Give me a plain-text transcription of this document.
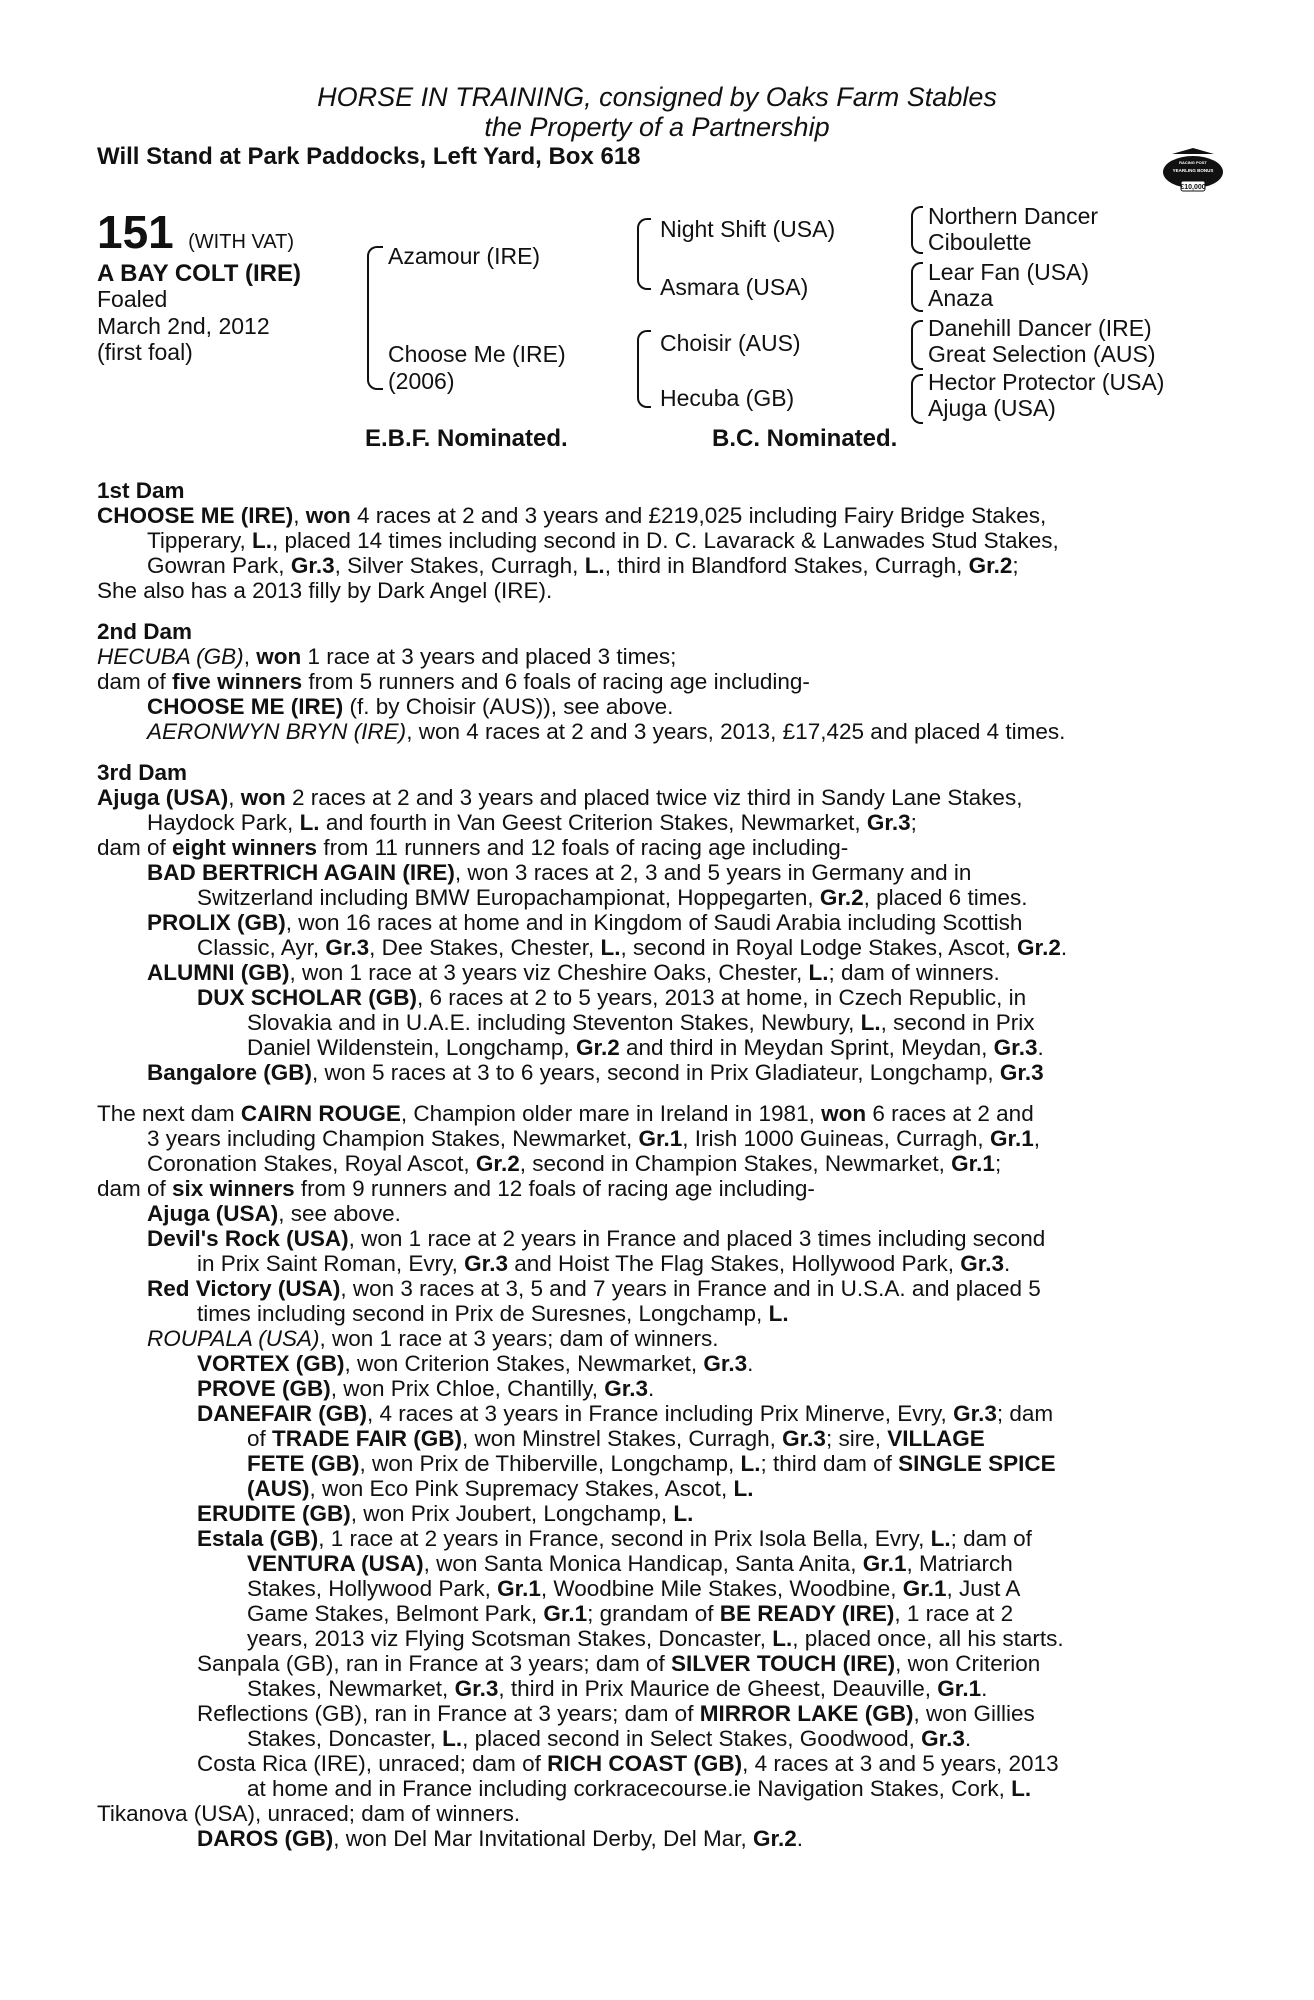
HORSE IN TRAINING, consigned by Oaks Farm Stables
the Property of a Partnership
Will Stand at Park Paddocks, Left Yard, Box 618	RACING POST
YEARLING BONUS
£10,000
151 (WITH VAT)
A BAY COLT (IRE)
Foaled
March 2nd, 2012
(first foal)
Azamour (IRE)
Choose Me (IRE)
(2006)
Night Shift (USA)
Asmara (USA)
Choisir (AUS)
Hecuba (GB)
Northern Dancer
Ciboulette
Lear Fan (USA)
Anaza
Danehill Dancer (IRE)
Great Selection (AUS)
Hector Protector (USA)
Ajuga (USA)
E.B.F. Nominated.	B.C. Nominated.
1st Dam
CHOOSE ME (IRE), won 4 races at 2 and 3 years and £219,025 including Fairy Bridge Stakes,
Tipperary, L., placed 14 times including second in D. C. Lavarack & Lanwades Stud Stakes,
Gowran Park, Gr.3, Silver Stakes, Curragh, L., third in Blandford Stakes, Curragh, Gr.2;
She also has a 2013 filly by Dark Angel (IRE).
2nd Dam
HECUBA (GB), won 1 race at 3 years and placed 3 times;
dam of five winners from 5 runners and 6 foals of racing age including-
CHOOSE ME (IRE) (f. by Choisir (AUS)), see above.
AERONWYN BRYN (IRE), won 4 races at 2 and 3 years, 2013, £17,425 and placed 4 times.
3rd Dam
Ajuga (USA), won 2 races at 2 and 3 years and placed twice viz third in Sandy Lane Stakes,
Haydock Park, L. and fourth in Van Geest Criterion Stakes, Newmarket, Gr.3;
dam of eight winners from 11 runners and 12 foals of racing age including-
BAD BERTRICH AGAIN (IRE), won 3 races at 2, 3 and 5 years in Germany and in
Switzerland including BMW Europachampionat, Hoppegarten, Gr.2, placed 6 times.
PROLIX (GB), won 16 races at home and in Kingdom of Saudi Arabia including Scottish
Classic, Ayr, Gr.3, Dee Stakes, Chester, L., second in Royal Lodge Stakes, Ascot, Gr.2.
ALUMNI (GB), won 1 race at 3 years viz Cheshire Oaks, Chester, L.; dam of winners.
DUX SCHOLAR (GB), 6 races at 2 to 5 years, 2013 at home, in Czech Republic, in
Slovakia and in U.A.E. including Steventon Stakes, Newbury, L., second in Prix
Daniel Wildenstein, Longchamp, Gr.2 and third in Meydan Sprint, Meydan, Gr.3.
Bangalore (GB), won 5 races at 3 to 6 years, second in Prix Gladiateur, Longchamp, Gr.3
The next dam CAIRN ROUGE, Champion older mare in Ireland in 1981, won 6 races at 2 and
3 years including Champion Stakes, Newmarket, Gr.1, Irish 1000 Guineas, Curragh, Gr.1,
Coronation Stakes, Royal Ascot, Gr.2, second in Champion Stakes, Newmarket, Gr.1;
dam of six winners from 9 runners and 12 foals of racing age including-
Ajuga (USA), see above.
Devil's Rock (USA), won 1 race at 2 years in France and placed 3 times including second
in Prix Saint Roman, Evry, Gr.3 and Hoist The Flag Stakes, Hollywood Park, Gr.3.
Red Victory (USA), won 3 races at 3, 5 and 7 years in France and in U.S.A. and placed 5
times including second in Prix de Suresnes, Longchamp, L.
ROUPALA (USA), won 1 race at 3 years; dam of winners.
VORTEX (GB), won Criterion Stakes, Newmarket, Gr.3.
PROVE (GB), won Prix Chloe, Chantilly, Gr.3.
DANEFAIR (GB), 4 races at 3 years in France including Prix Minerve, Evry, Gr.3; dam
of TRADE FAIR (GB), won Minstrel Stakes, Curragh, Gr.3; sire, VILLAGE
FETE (GB), won Prix de Thiberville, Longchamp, L.; third dam of SINGLE SPICE
(AUS), won Eco Pink Supremacy Stakes, Ascot, L.
ERUDITE (GB), won Prix Joubert, Longchamp, L.
Estala (GB), 1 race at 2 years in France, second in Prix Isola Bella, Evry, L.; dam of
VENTURA (USA), won Santa Monica Handicap, Santa Anita, Gr.1, Matriarch
Stakes, Hollywood Park, Gr.1, Woodbine Mile Stakes, Woodbine, Gr.1, Just A
Game Stakes, Belmont Park, Gr.1; grandam of BE READY (IRE), 1 race at 2
years, 2013 viz Flying Scotsman Stakes, Doncaster, L., placed once, all his starts.
Sanpala (GB), ran in France at 3 years; dam of SILVER TOUCH (IRE), won Criterion
Stakes, Newmarket, Gr.3, third in Prix Maurice de Gheest, Deauville, Gr.1.
Reflections (GB), ran in France at 3 years; dam of MIRROR LAKE (GB), won Gillies
Stakes, Doncaster, L., placed second in Select Stakes, Goodwood, Gr.3.
Costa Rica (IRE), unraced; dam of RICH COAST (GB), 4 races at 3 and 5 years, 2013
at home and in France including corkracecourse.ie Navigation Stakes, Cork, L.
Tikanova (USA), unraced; dam of winners.
DAROS (GB), won Del Mar Invitational Derby, Del Mar, Gr.2.
